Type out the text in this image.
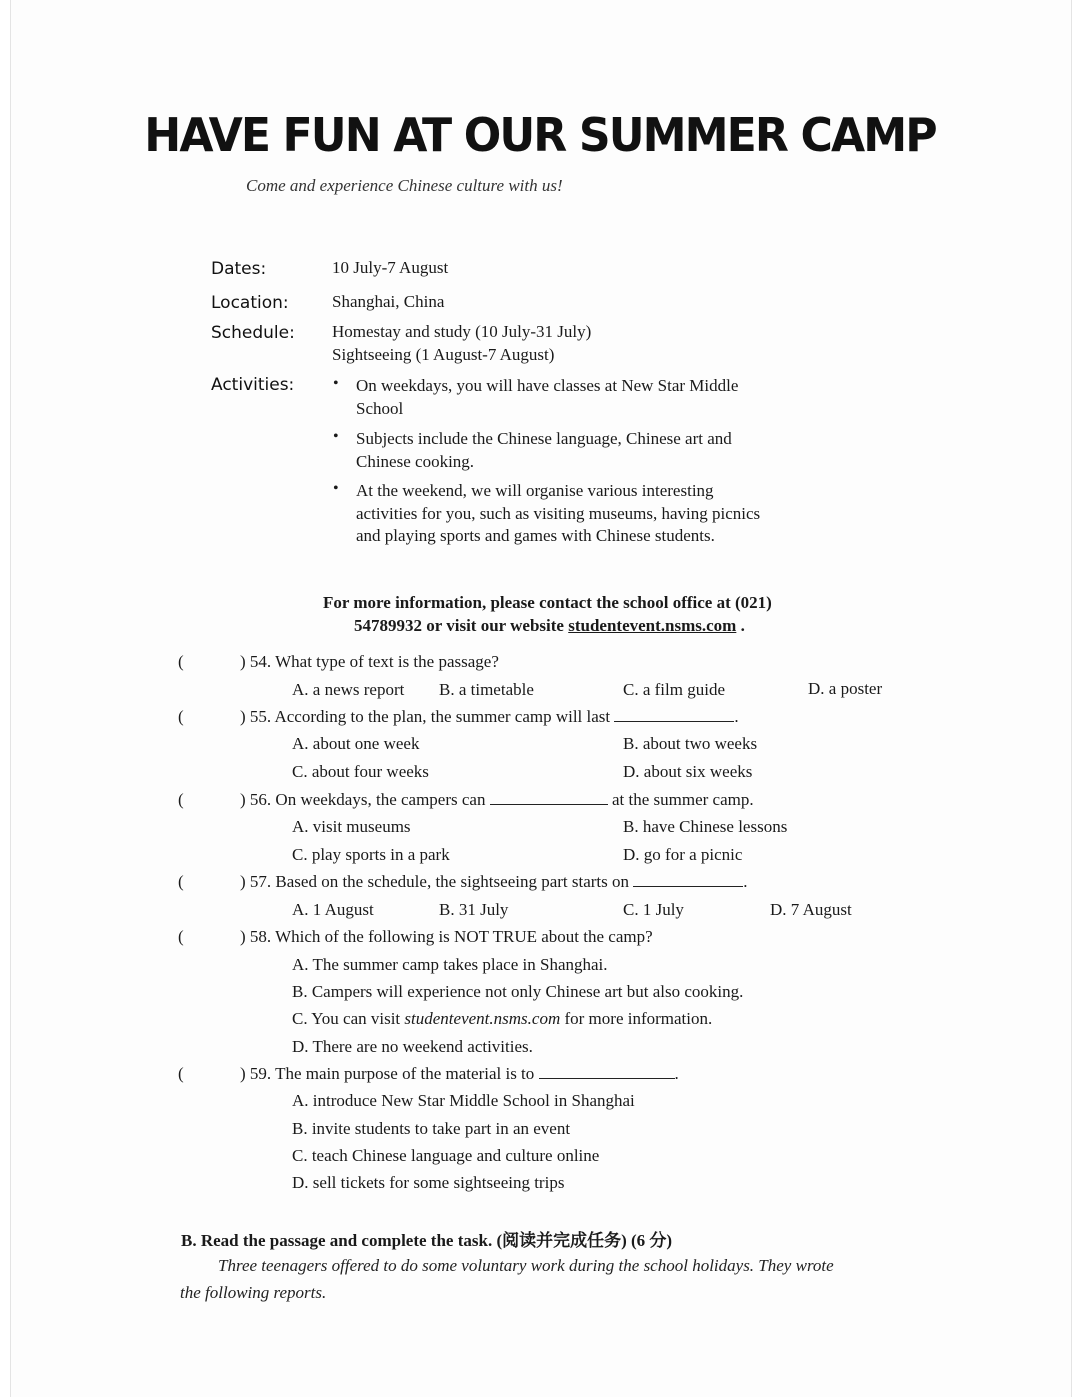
HAVE FUN AT OUR SUMMER CAMP
Come and experience Chinese culture with us!
Dates:	10 July-7 August
Location:	Shanghai, China
Schedule: Homestay and study (10 July-31 July)
Sightseeing (1 August-7 August)
Activities: • On weekdays, you will have classes at New Star Middle School
• Subjects include the Chinese language, Chinese art and Chinese cooking.
• At the weekend, we will organise various interesting activities for you, such as visiting museums, having picnics and playing sports and games with Chinese students.
For more information, please contact the school office at (021)
54789932 or visit our website studentevent.nsms.com .
(	) 54. What type of text is the passage?
A. a news report B. a timetable	C. a film guide	D. a poster
(	) 55. According to the plan, the summer camp will last	.
A. about one week	B. about two weeks
C. about four weeks	D. about six weeks
(	) 56. On weekdays, the campers can	at the summer camp.
A. visit museums	B. have Chinese lessons
C. play sports in a park	D. go for a picnic
(	) 57. Based on the schedule, the sightseeing part starts on	.
A. 1 August	B. 31 July	C. 1 July	D. 7 August
(	) 58. Which of the following is NOT TRUE about the camp?
A. The summer camp takes place in Shanghai.
B. Campers will experience not only Chinese art but also cooking.
C. You can visit studentevent.nsms.com for more information.
D. There are no weekend activities.
(	) 59. The main purpose of the material is to	.
A. introduce New Star Middle School in Shanghai
B. invite students to take part in an event
C. teach Chinese language and culture online
D. sell tickets for some sightseeing trips
B. Read the passage and complete the task. (阅读并完成任务) (6 分)
Three teenagers offered to do some voluntary work during the school holidays. They wrote
the following reports.
